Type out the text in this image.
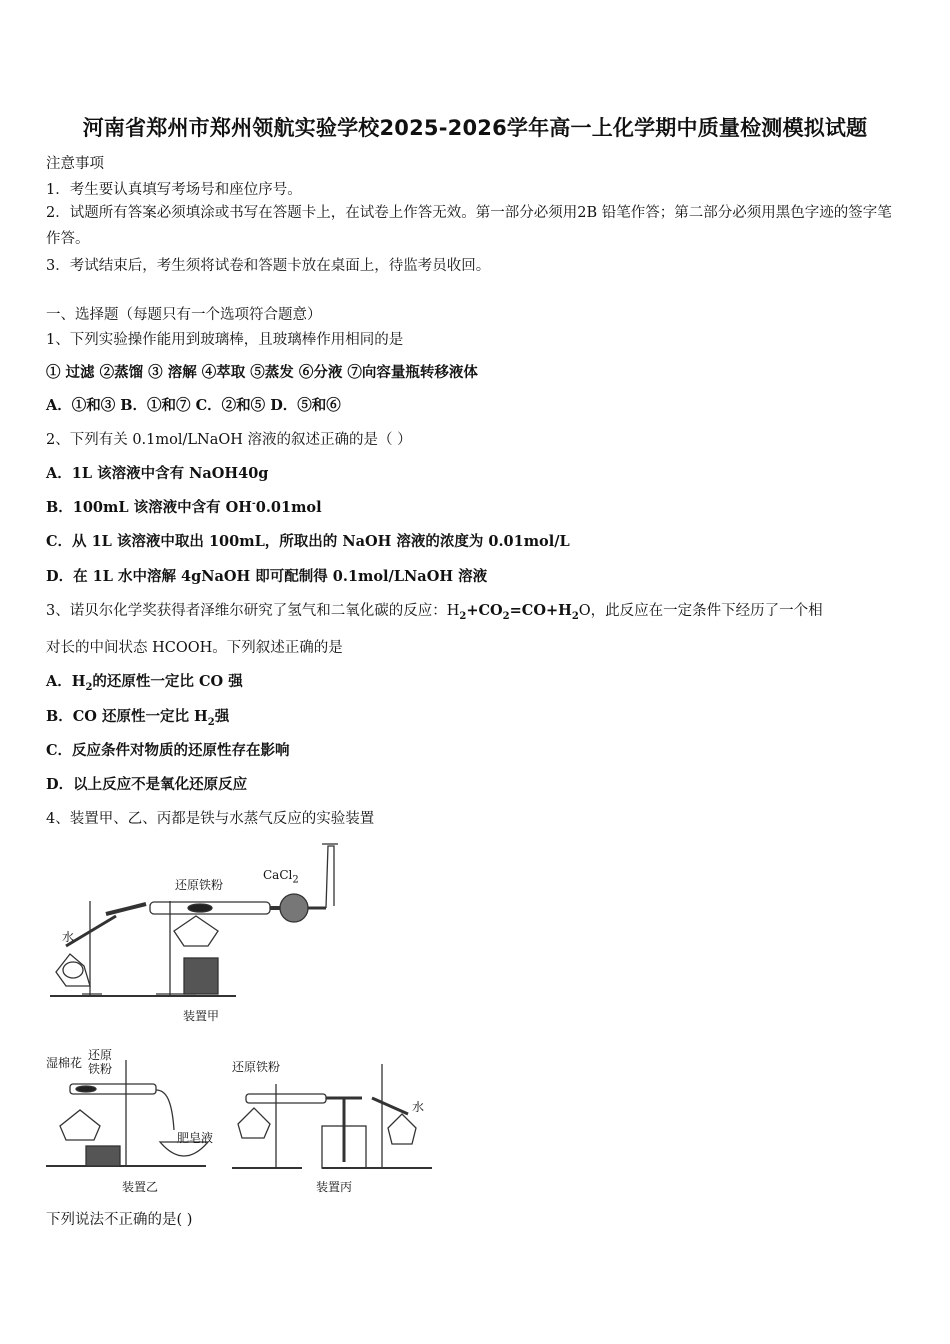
河南省郑州市郑州领航实验学校2025-2026学年高一上化学期中质量检测模拟试题
注意事项
1．考生要认真填写考场号和座位序号。
2．试题所有答案必须填涂或书写在答题卡上，在试卷上作答无效。第一部分必须用2B 铅笔作答；第二部分必须用黑色字迹的签字笔作答。
3．考试结束后，考生须将试卷和答题卡放在桌面上，待监考员收回。
一、选择题（每题只有一个选项符合题意）
1、下列实验操作能用到玻璃棒，且玻璃棒作用相同的是
① 过滤 ②蒸馏 ③ 溶解 ④萃取 ⑤蒸发 ⑥分液 ⑦向容量瓶转移液体
A．①和③ B．①和⑦ C．②和⑤ D．⑤和⑥
2、下列有关 0.1mol/LNaOH 溶液的叙述正确的是（ ）
A．1L 该溶液中含有 NaOH40g
B．100mL 该溶液中含有 OH-0.01mol
C．从 1L 该溶液中取出 100mL，所取出的 NaOH 溶液的浓度为 0.01mol/L
D．在 1L 水中溶解 4gNaOH 即可配制得 0.1mol/LNaOH 溶液
3、诺贝尔化学奖获得者泽维尔研究了氢气和二氧化碳的反应：$H_2+CO_2=CO+H_2O$，此反应在一定条件下经历了一个相
对长的中间状态 HCOOH。下列叙述正确的是
A．$H_2$的还原性一定比 CO 强
B．CO 还原性一定比 $H_2$强
C．反应条件对物质的还原性存在影响
D．以上反应不是氧化还原反应
4、装置甲、乙、丙都是铁与水蒸气反应的实验装置
还原铁粉
CaCl$_2$
水
装置甲
湿棉花
还原
铁粉
肥皂液
装置乙
还原铁粉
水
装置丙
下列说法不正确的是( )
